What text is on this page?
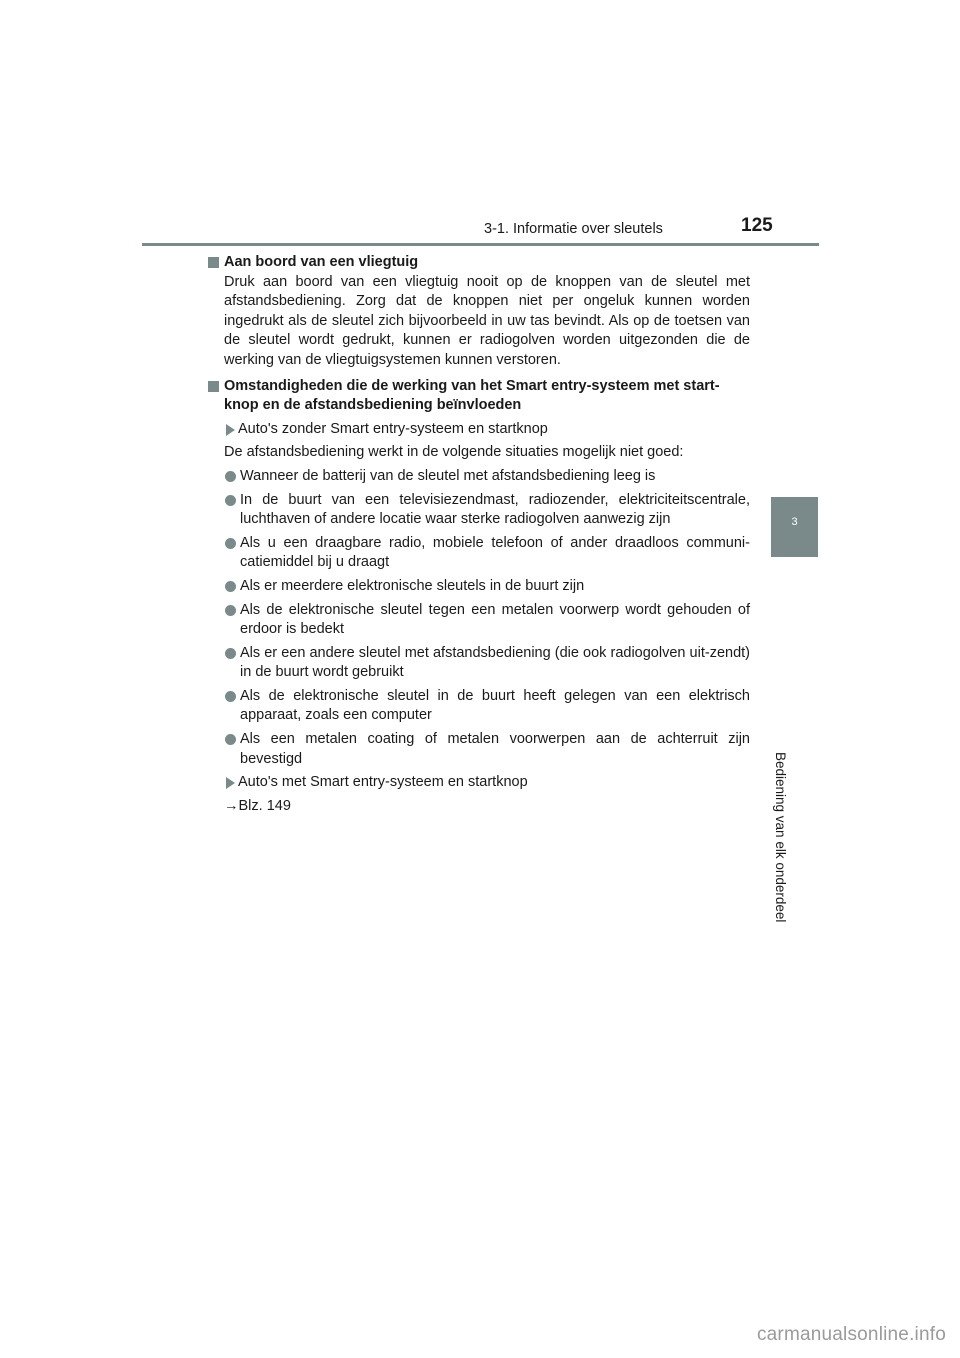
3-1. Informatie over sleutels	125
3
Bediening van elk onderdeel

Aan boord van een vliegtuig

Druk aan boord van een vliegtuig nooit op de knoppen van de sleutel met afstandsbediening. Zorg dat de knoppen niet per ongeluk kunnen worden ingedrukt als de sleutel zich bijvoorbeeld in uw tas bevindt. Als op de toetsen van de sleutel wordt gedrukt, kunnen er radiogolven worden uitgezonden die de werking van de vliegtuigsystemen kunnen verstoren.

Omstandigheden die de werking van het Smart entry-systeem met start-knop en de afstandsbediening beïnvloeden

Auto's zonder Smart entry-systeem en startknop

De afstandsbediening werkt in de volgende situaties mogelijk niet goed:

Wanneer de batterij van de sleutel met afstandsbediening leeg is

In de buurt van een televisiezendmast, radiozender, elektriciteitscentrale, luchthaven of andere locatie waar sterke radiogolven aanwezig zijn

Als u een draagbare radio, mobiele telefoon of ander draadloos communi-catiemiddel bij u draagt

Als er meerdere elektronische sleutels in de buurt zijn

Als de elektronische sleutel tegen een metalen voorwerp wordt gehouden of erdoor is bedekt

Als er een andere sleutel met afstandsbediening (die ook radiogolven uit-zendt) in de buurt wordt gebruikt

Als de elektronische sleutel in de buurt heeft gelegen van een elektrisch apparaat, zoals een computer

Als een metalen coating of metalen voorwerpen aan de achterruit zijn bevestigd

Auto's met Smart entry-systeem en startknop

→Blz. 149

carmanualsonline.info
